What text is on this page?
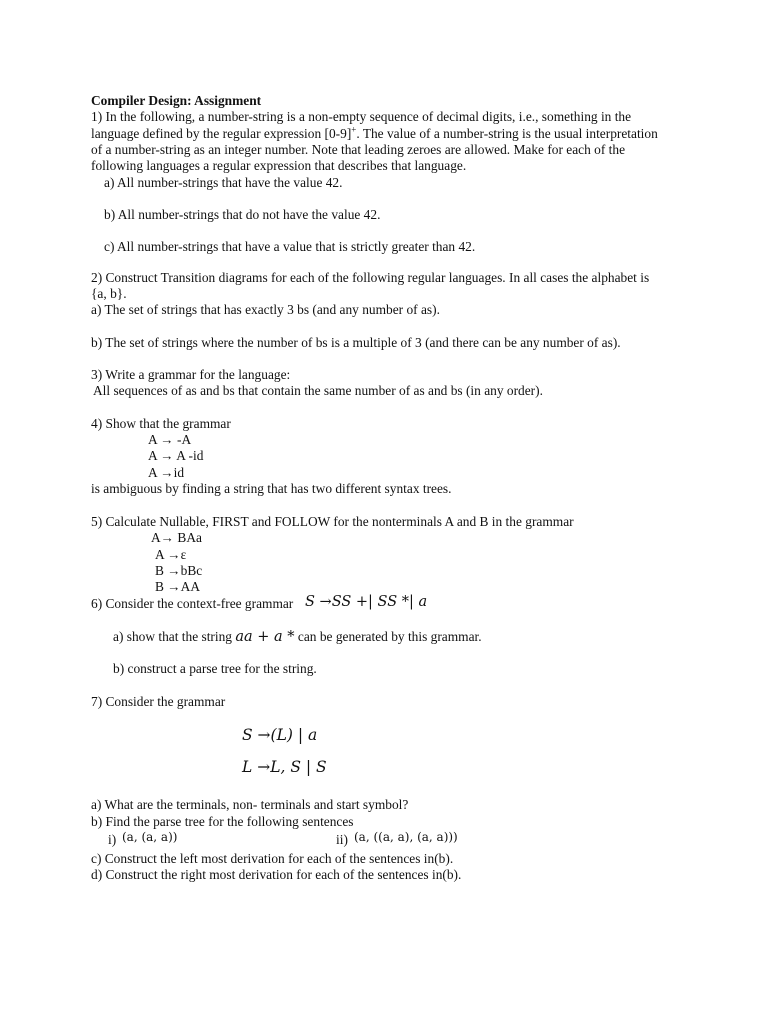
Compiler Design: Assignment
1) In the following, a number-string is a non-empty sequence of decimal digits, i.e., something in the
language defined by the regular expression [0-9]+. The value of a number-string is the usual interpretation
of a number-string as an integer number. Note that leading zeroes are allowed. Make for each of the
following languages a regular expression that describes that language.
a) All number-strings that have the value 42.
b) All number-strings that do not have the value 42.
c) All number-strings that have a value that is strictly greater than 42.
2) Construct Transition diagrams for each of the following regular languages. In all cases the alphabet is
{a, b}.
a) The set of strings that has exactly 3 bs (and any number of as).
b) The set of strings where the number of bs is a multiple of 3 (and there can be any number of as).
3) Write a grammar for the language:
All sequences of as and bs that contain the same number of as and bs (in any order).
4) Show that the grammar
A → -A
A → A -id
A →id
is ambiguous by finding a string that has two different syntax trees.
5) Calculate Nullable, FIRST and FOLLOW for the nonterminals A and B in the grammar
A→ BAa
A →ε
B →bBc
B →AA
6) Consider the context-free grammar S →SS +| SS *| a
a) show that the string aa + a * can be generated by this grammar.
b) construct a parse tree for the string.
7) Consider the grammar
S →(L) | a
L →L, S | S
a) What are the terminals, non- terminals and start symbol?
b) Find the parse tree for the following sentences
i) (a, (a, a))	ii) (a, ((a, a), (a, a)))
c) Construct the left most derivation for each of the sentences in(b).
d) Construct the right most derivation for each of the sentences in(b).
